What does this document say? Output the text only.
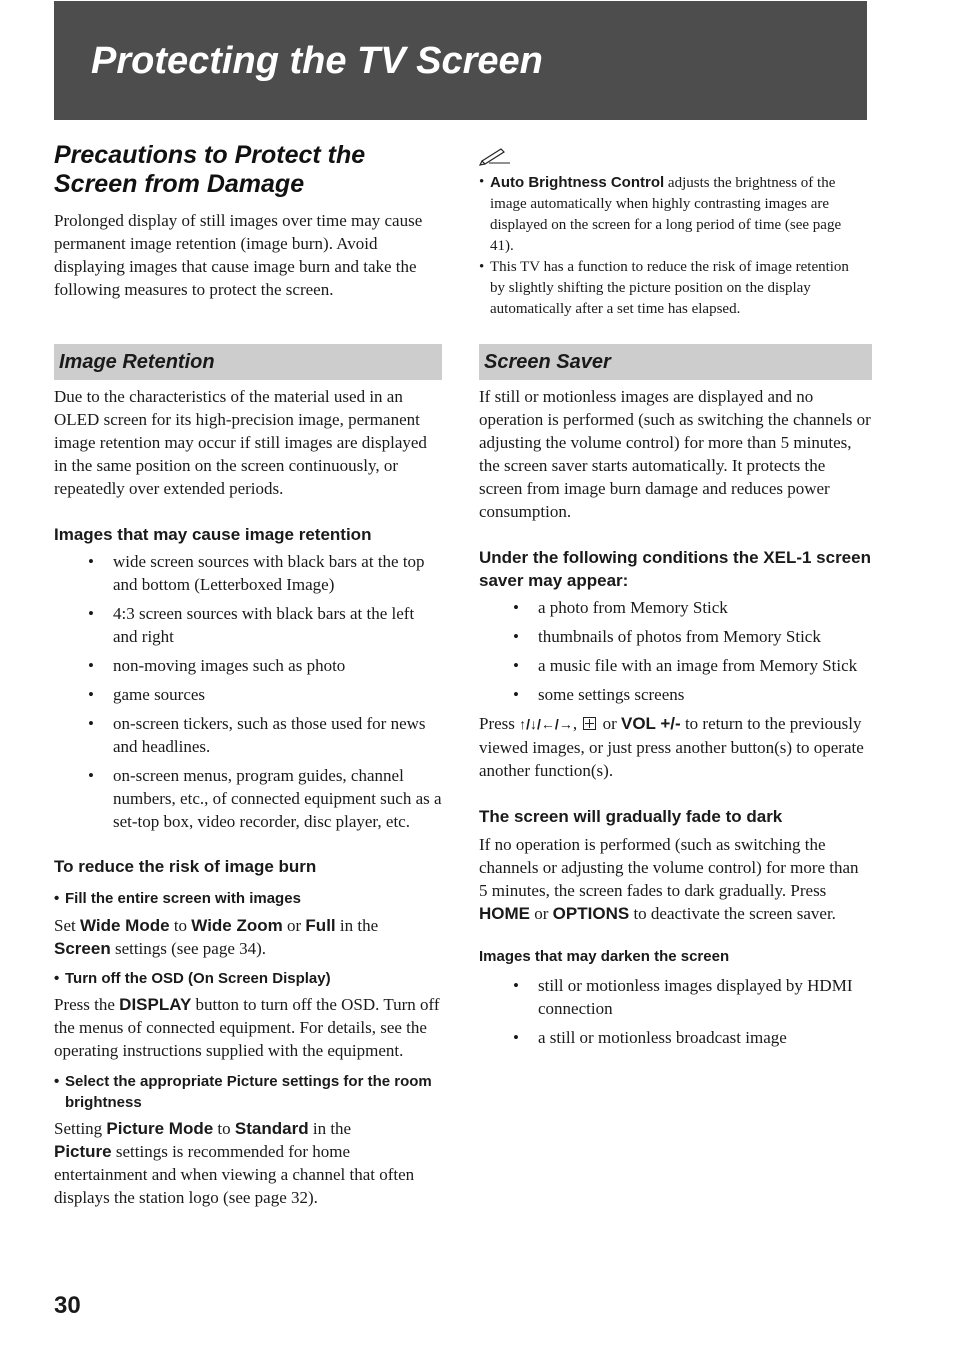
Protecting the TV Screen
Precautions to Protect the
Screen from Damage

Prolonged display of still images over time may cause permanent image retention (image burn). Avoid displaying images that cause image burn and take the following measures to protect the screen.

Image Retention

Due to the characteristics of the material used in an OLED screen for its high-precision image, permanent image retention may occur if still images are displayed in the same position on the screen continuously, or repeatedly over extended periods.

Images that may cause image retention
• wide screen sources with black bars at the top and bottom (Letterboxed Image)
• 4:3 screen sources with black bars at the left and right
• non-moving images such as photo
• game sources
• on-screen tickers, such as those used for news and headlines.
• on-screen menus, program guides, channel numbers, etc., of connected equipment such as a set-top box, video recorder, disc player, etc.
To reduce the risk of image burn
• Fill the entire screen with images

Set Wide Mode to Wide Zoom or Full in the
Screen settings (see page 34).

• Turn off the OSD (On Screen Display)

Press the DISPLAY button to turn off the OSD. Turn off the menus of connected equipment. For details, see the operating instructions supplied with the equipment.

• Select the appropriate Picture settings for the room brightness

Setting Picture Mode to Standard in the
Picture settings is recommended for home entertainment and when viewing a channel that often displays the station logo (see page 32).

• Auto Brightness Control adjusts the brightness of the image automatically when highly contrasting images are displayed on the screen for a long period of time (see page 41).
• This TV has a function to reduce the risk of image retention by slightly shifting the picture position on the display automatically after a set time has elapsed.
Screen Saver

If still or motionless images are displayed and no operation is performed (such as switching the channels or adjusting the volume control) for more than 5 minutes, the screen saver starts automatically. It protects the screen from image burn damage and reduces power consumption.

Under the following conditions the XEL-1 screen saver may appear:
• a photo from Memory Stick
• thumbnails of photos from Memory Stick
• a music file with an image from Memory Stick
• some settings screens

Press ↑/↓/←/→,  or VOL +/- to return to the previously viewed images, or just press another button(s) to operate another function(s).

The screen will gradually fade to dark

If no operation is performed (such as switching the channels or adjusting the volume control) for more than 5 minutes, the screen fades to dark gradually. Press HOME or OPTIONS to deactivate the screen saver.

Images that may darken the screen
• still or motionless images displayed by HDMI connection
• a still or motionless broadcast image
30
